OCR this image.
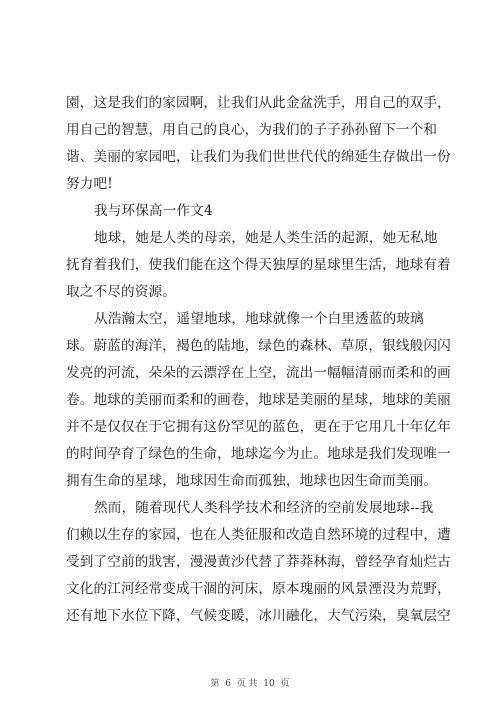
園，这是我们的家园啊，让我们从此金盆洗手，用自己的双手，
用自己的智慧，用自己的良心，为我们的子子孙孙留下一个和
谐、美丽的家园吧，让我们为我们世世代代的绵延生存做出一份
努力吧!
我与环保高一作文4
地球，她是人类的母亲，她是人类生活的起源，她无私地
抚育着我们，使我们能在这个得天独厚的星球里生活，地球有着
取之不尽的资源。
从浩瀚太空，遥望地球，地球就像一个白里透蓝的玻璃
球。蔚蓝的海洋，褐色的陆地，绿色的森林、草原，银线般闪闪
发亮的河流，朵朵的云漂浮在上空，流出一幅幅清丽而柔和的画
卷。地球的美丽而柔和的画卷，地球是美丽的星球，地球的美丽
并不是仅仅在于它拥有这份罕见的蓝色，更在于它用几十年亿年
的时间孕育了绿色的生命，地球迄今为止。地球是我们发现唯一
拥有生命的星球，地球因生命而孤独，地球也因生命而美丽。
然而，随着现代人类科学技术和经济的空前发展地球--我
们赖以生存的家园，也在人类征服和改造自然环境的过程中，遭
受到了空前的戕害，漫漫黄沙代替了莽莽林海，曾经孕育灿烂古
文化的江河经常变成干涸的河床，原本瑰丽的风景湮没为荒野，
还有地下水位下降，气候变暖，冰川融化，大气污染，臭氧层空
第  6  页 共  10  页
